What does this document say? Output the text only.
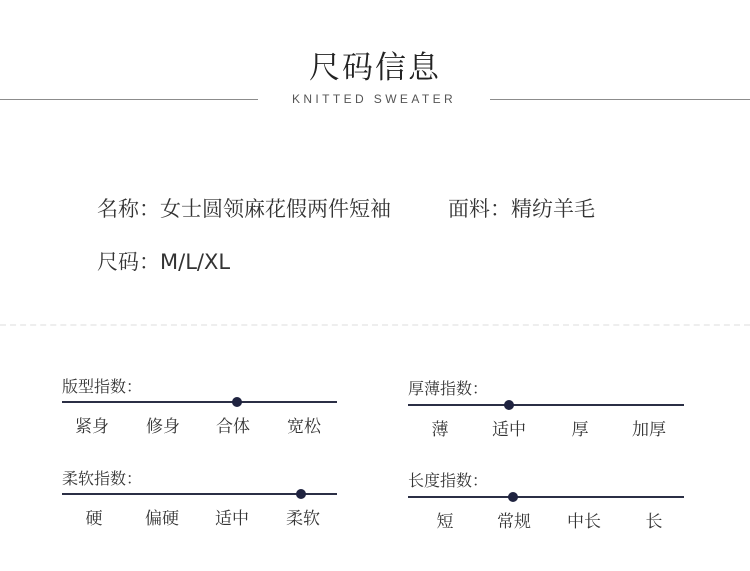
尺码信息
KNITTED SWEATER
名称：女士圆领麻花假两件短袖	面料：精纺羊毛
尺码：M/L/XL
版型指数：
紧身 修身 合体 宽松
厚薄指数：
薄	适中	厚	加厚
柔软指数：
硬	偏硬 适中 柔软
长度指数：
短	常规 中长	长
